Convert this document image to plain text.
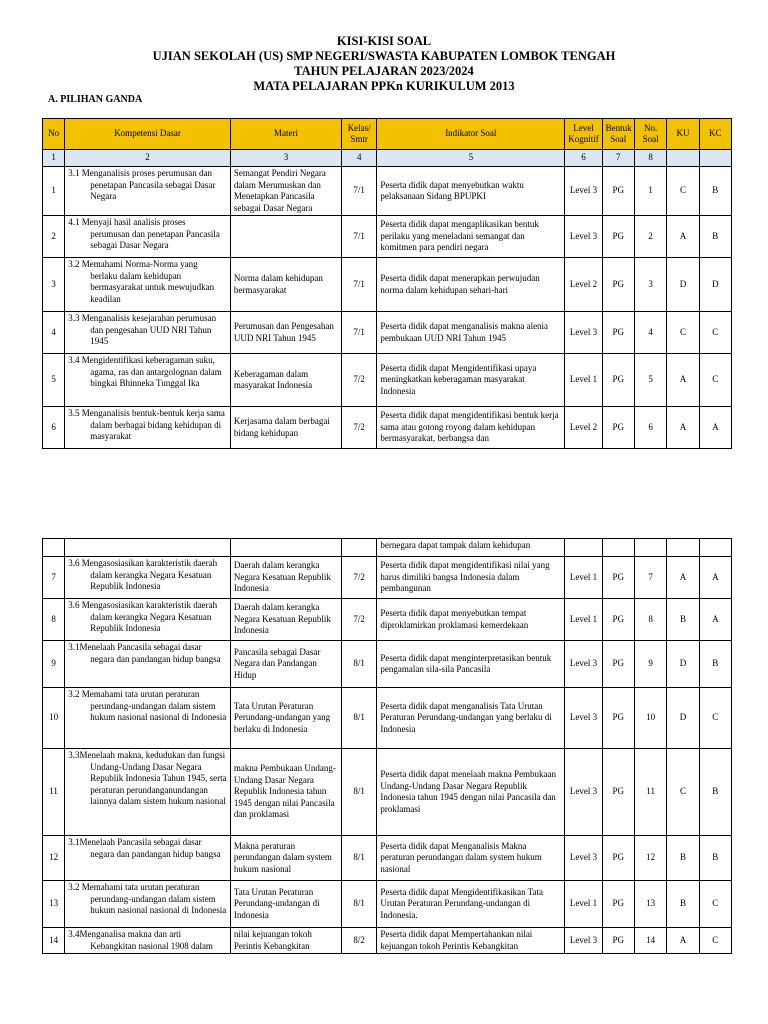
KISI-KISI SOAL
UJIAN SEKOLAH (US) SMP NEGERI/SWASTA KABUPATEN LOMBOK TENGAH
TAHUN PELAJARAN 2023/2024
MATA PELAJARAN PPKn KURIKULUM 2013
A. PILIHAN GANDA
No	Kompetensi Dasar	Materi	Kelas/ Smtr	Indikator Soal	Level Kognitif	Bentuk Soal	No. Soal	KU	KC
1	2	3	4	5	6	7	8		
1	3.1 Menganalisis proses perumusan dan penetapan Pancasila sebagai Dasar Negara	Semangat Pendiri Negara dalam Merumuskan dan Menetapkan Pancasila sebagai Dasar Negara	7/1	Peserta didik dapat menyebutkan waktu pelaksanaan Sidang BPUPKI	Level 3	PG	1	C	B
2	4.1 Menyaji hasil analisis proses perumusan dan penetapan Pancasila sebagai Dasar Negara		7/1	Peserta didik dapat mengaplikasikan bentuk perilaku yang meneladani semangat dan komitmen para pendiri negara	Level 3	PG	2	A	B
3	3.2 Memahami Norma-Norma yang berlaku dalam kehidupan bermasyarakat untuk mewujudkan keadilan	Norma dalam kehidupan bermasyarakat	7/1	Peserta didik dapat menerapkan perwujudan norma dalam kehidupan sehari-hari	Level 2	PG	3	D	D
4	3.3 Menganalisis kesejarahan perumusan dan pengesahan UUD NRI Tahun 1945	Perumusan dan Pengesahan UUD NRI Tahun 1945	7/1	Peserta didik dapat menganalisis makna alenia pembukaan UUD NRI Tahun 1945	Level 3	PG	4	C	C
5	3.4 Mengidentifikasi keberagaman suku, agama, ras dan antargolognan dalam bingkai Bhinneka Tunggal Ika	Keberagaman dalam masyarakat Indonesia	7/2	Peserta didik dapat Mengidentifikasi upaya meningkatkan keberagaman masyarakat Indonesia	Level 1	PG	5	A	C
6	3.5 Menganalisis bentuk-bentuk kerja sama dalam berbagai bidang kehidupan di masyarakat	Kerjasama dalam berbagai bidang kehidupan	7/2	Peserta didik dapat mengidentifikasi bentuk kerja sama atau gotong royong dalam kehidupan bermasyarakat, berbangsa dan	Level 2	PG	6	A	A
				bernegara dapat tampak dalam kehidupan					
7	3.6 Mengasosiasikan karakteristik daerah dalam kerangka Negara Kesatuan Republik Indonesia	Daerah dalam kerangka Negara Kesatuan Republik Indonesia	7/2	Peserta didik dapat mengidentifikasi nilai yang harus dimiliki bangsa Indonesia dalam pembangunan	Level 1	PG	7	A	A
8	3.6 Mengasosiasikan karakteristik daerah dalam kerangka Negara Kesatuan Republik Indonesia	Daerah dalam kerangka Negara Kesatuan Republik Indonesia	7/2	Peserta didik dapat menyebutkan tempat diproklamirkan proklamasi kemerdekaan	Level 1	PG	8	B	A
9	3.1Menelaah Pancasila sebagai dasar negara dan pandangan hidup bangsa	Pancasila sebagai Dasar Negara dan Pandangan Hidup	8/1	Peserta didik dapat menginterpretasikan bentuk pengamalan sila-sila Pancasila	Level 3	PG	9	D	B
10	3.2 Memahami tata urutan peraturan perundang-undangan dalam sistem hukum nasional nasional di Indonesia	Tata Urutan Peraturan Perundang-undangan yang berlaku di Indonesia	8/1	Peserta didik dapat menganalisis Tata Urutan Peraturan Perundang-undangan yang berlaku di Indonesia	Level 3	PG	10	D	C
11	3.3Menelaah makna, kedudukan dan fungsi Undang-Undang Dasar Negara Republik Indonesia Tahun 1945, serta peraturan perundanganundangan lainnya dalam sistem hukum nasional	makna Pembukaan Undang-Undang Dasar Negara Republik Indonesia tahun 1945 dengan nilai Pancasila dan proklamasi	8/1	Peserta didik dapat menelaah makna Pembukaan Undang-Undang Dasar Negara Republik Indonesia tahun 1945 dengan nilai Pancasila dan proklamasi	Level 3	PG	11	C	B
12	3.1Menelaah Pancasila sebagai dasar negara dan pandangan hidup bangsa	Makna peraturan perundangan dalam system hukum nasional	8/1	Peserta didik dapat Menganalisis Makna peraturan perundangan dalam system hukum nasional	Level 3	PG	12	B	B
13	3.2 Memahami tata urutan peraturan perundang-undangan dalam sistem hukum nasional nasional di Indonesia	Tata Urutan Peraturan Perundang-undangan di Indonesia	8/1	Peserta didik dapat Mengidentifikasikan Tata Urutan Peraturan Perundang-undangan di Indonesia.	Level 1	PG	13	B	C
14	3.4Menganalisa makna dan arti Kebangkitan nasional 1908 dalam	nilai kejuangan tokoh Perintis Kebangkitan	8/2	Peserta didik dapat Mempertahankan nilai kejuangan tokoh Perintis Kebangkitan	Level 3	PG	14	A	C
